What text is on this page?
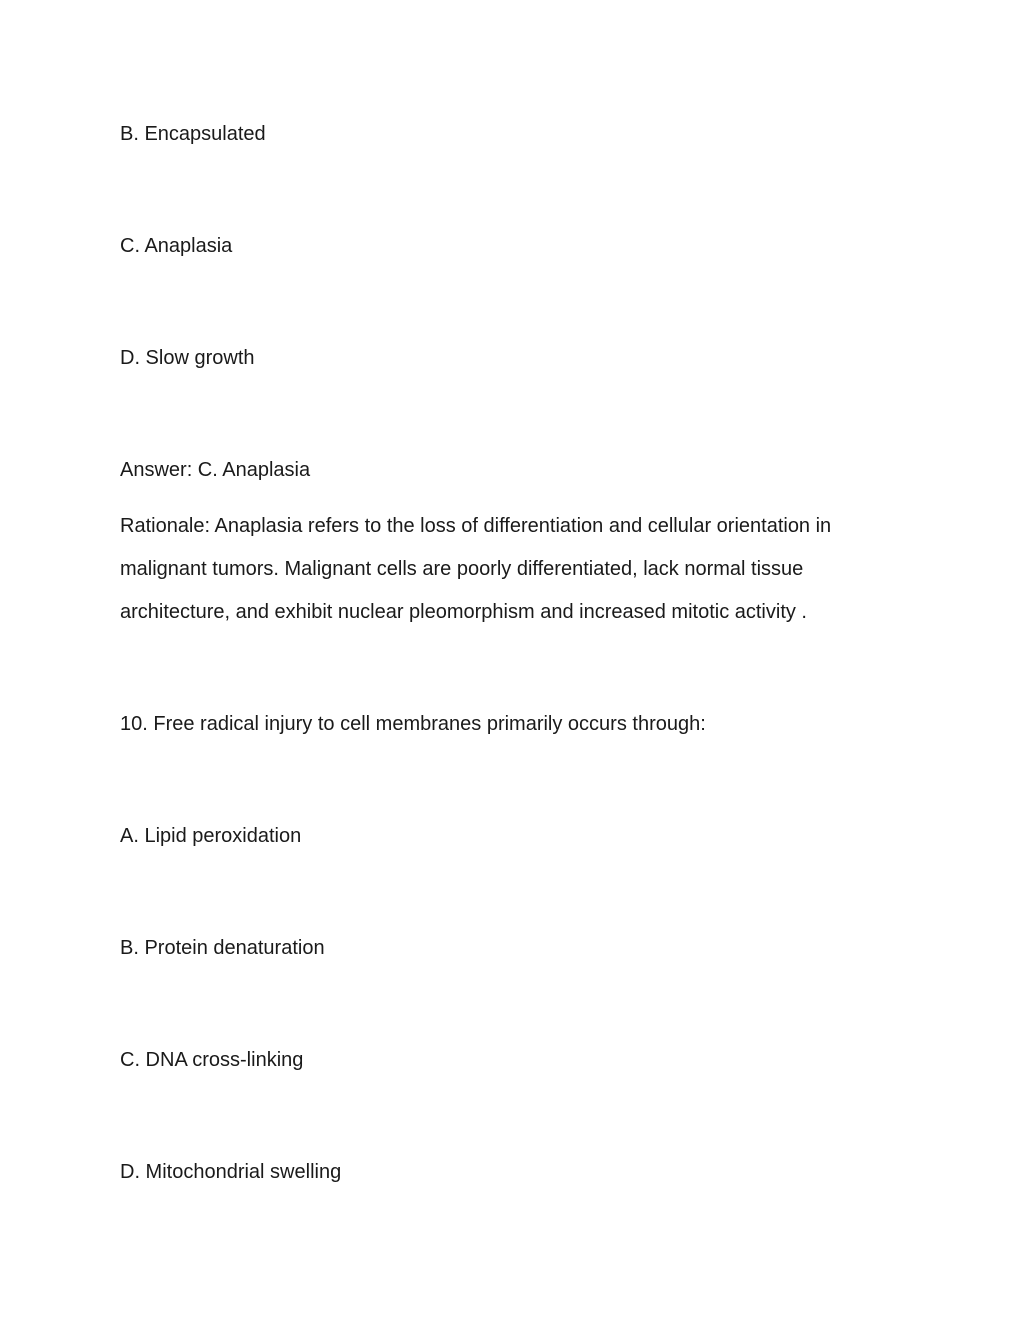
B. Encapsulated
C. Anaplasia
D. Slow growth
Answer: C. Anaplasia
Rationale: Anaplasia refers to the loss of differentiation and cellular orientation in
malignant tumors. Malignant cells are poorly differentiated, lack normal tissue
architecture, and exhibit nuclear pleomorphism and increased mitotic activity .
10. Free radical injury to cell membranes primarily occurs through:
A. Lipid peroxidation
B. Protein denaturation
C. DNA cross-linking
D. Mitochondrial swelling
